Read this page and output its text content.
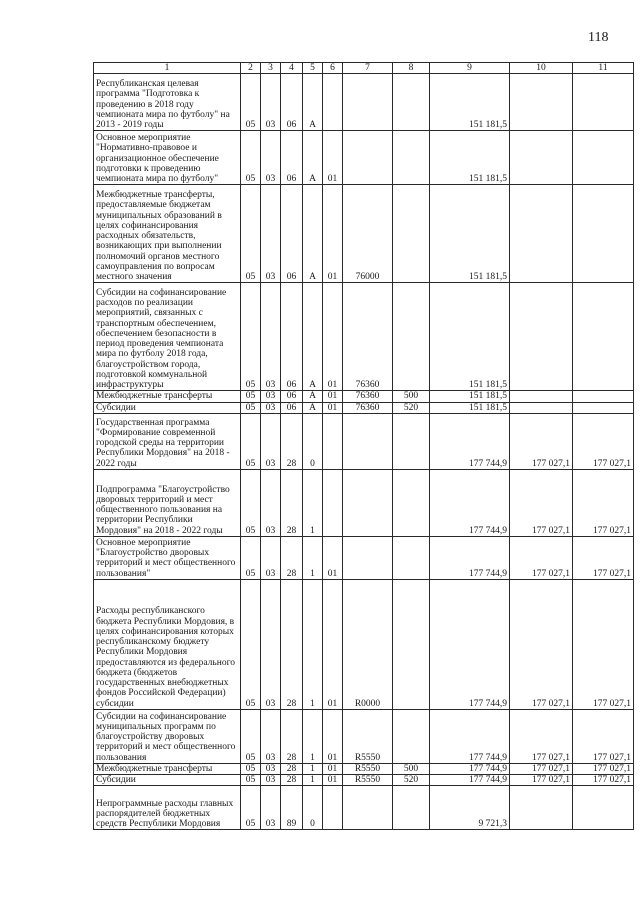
118
1	2	3	4	5	6	7	8	9	10	11
Республиканская целевая программа "Подготовка к проведению в 2018 году чемпионата мира по футболу" на 2013 - 2019 годы	05	03	06	А				151 181,5		
Основное мероприятие "Нормативно-правовое и организационное обеспечение подготовки к проведению чемпионата мира по футболу"	05	03	06	А	01			151 181,5		
Межбюджетные трансферты, предоставляемые бюджетам муниципальных образований в целях софинансирования расходных обязательств, возникающих при выполнении полномочий органов местного самоуправления по вопросам местного значения	05	03	06	А	01	76000		151 181,5		
Субсидии на софинансирование расходов по реализации мероприятий, связанных с транспортным обеспечением, обеспечением безопасности в период проведения чемпионата мира по футболу 2018 года, благоустройством города, подготовкой коммунальной инфраструктуры	05	03	06	А	01	76360		151 181,5		
Межбюджетные трансферты	05	03	06	А	01	76360	500	151 181,5		
Субсидии	05	03	06	А	01	76360	520	151 181,5		
Государственная программа "Формирование современной городской среды на территории Республики Мордовия" на 2018 - 2022 годы	05	03	28	0				177 744,9	177 027,1	177 027,1
Подпрограмма "Благоустройство дворовых территорий и мест общественного пользования на территории Республики Мордовия" на 2018 - 2022 годы	05	03	28	1				177 744,9	177 027,1	177 027,1
Основное мероприятие "Благоустройство дворовых территорий и мест общественного пользования"	05	03	28	1	01			177 744,9	177 027,1	177 027,1
Расходы республиканского бюджета Республики Мордовия, в целях софинансирования которых республиканскому бюджету Республики Мордовия предоставляются из федерального бюджета (бюджетов государственных внебюджетных фондов Российской Федерации) субсидии	05	03	28	1	01	R0000		177 744,9	177 027,1	177 027,1
Субсидии на софинансирование муниципальных программ по благоустройству дворовых территорий и мест общественного пользования	05	03	28	1	01	R5550		177 744,9	177 027,1	177 027,1
Межбюджетные трансферты	05	03	28	1	01	R5550	500	177 744,9	177 027,1	177 027,1
Субсидии	05	03	28	1	01	R5550	520	177 744,9	177 027,1	177 027,1
Непрограммные расходы главных распорядителей бюджетных средств Республики Мордовия	05	03	89	0				9 721,3		
